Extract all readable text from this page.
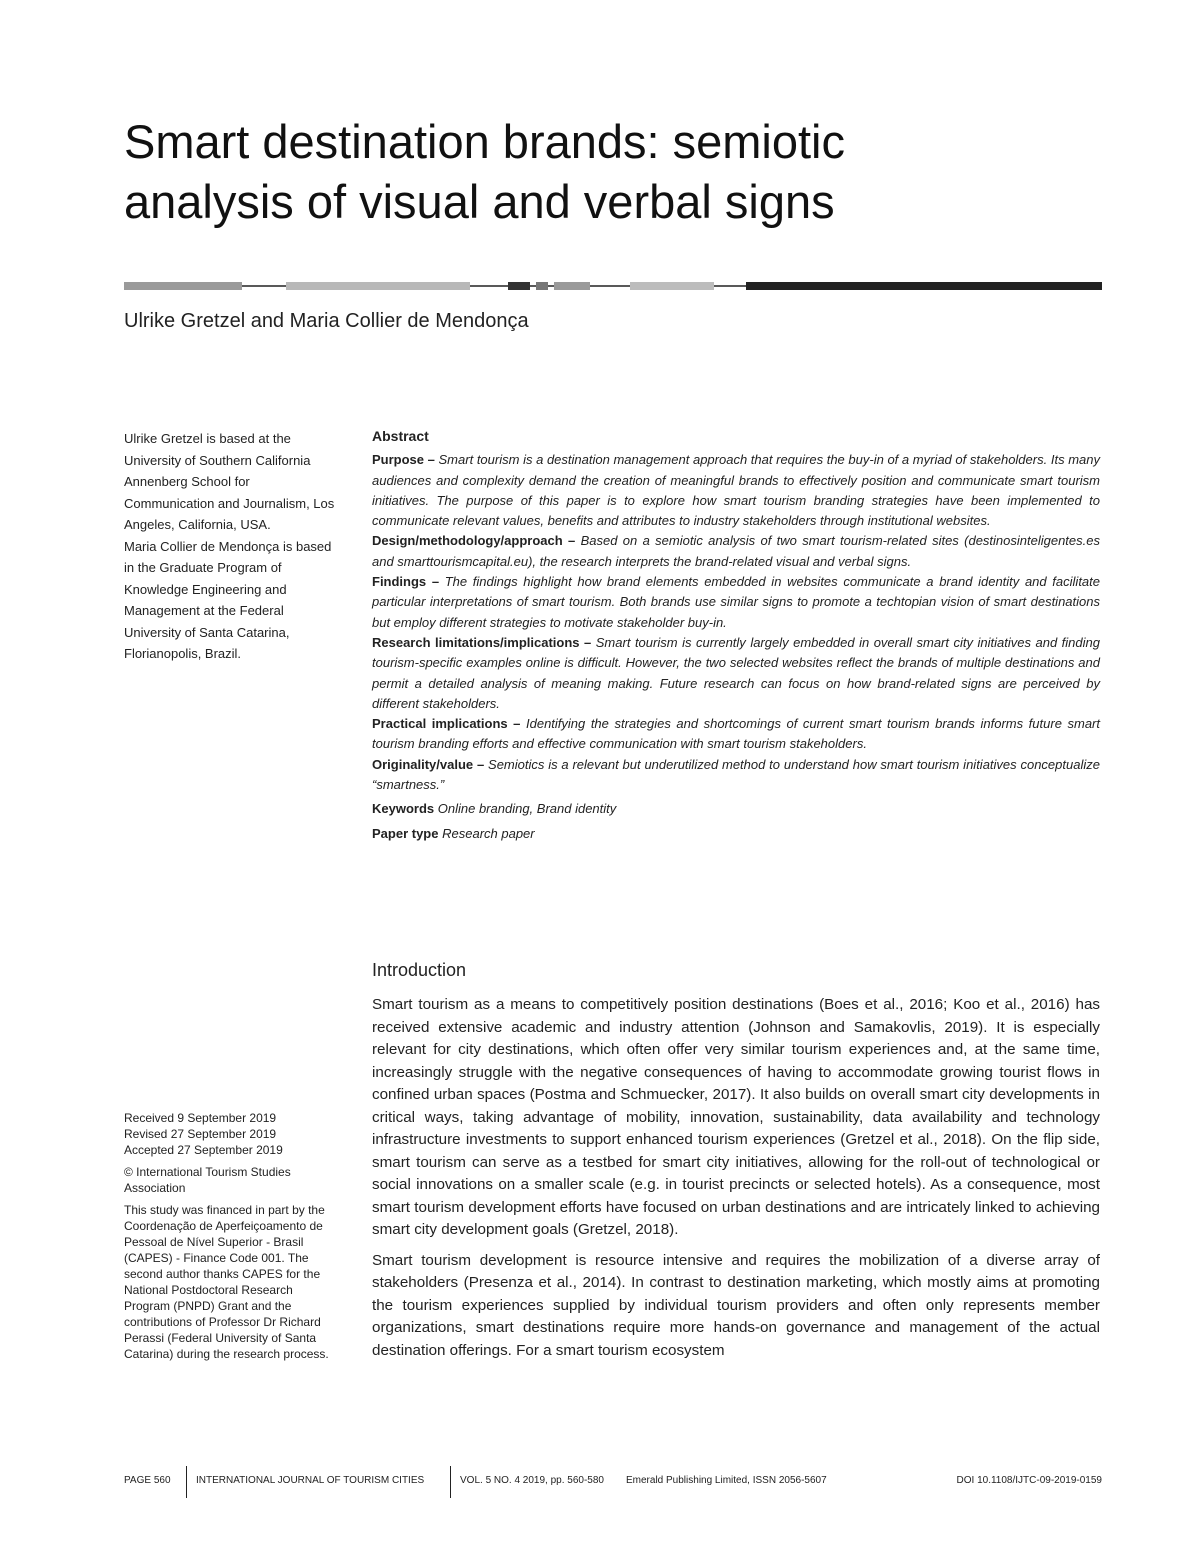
Smart destination brands: semiotic
analysis of visual and verbal signs
Ulrike Gretzel and Maria Collier de Mendonça

Ulrike Gretzel is based at the University of Southern California Annenberg School for Communication and Journalism, Los Angeles, California, USA.

Maria Collier de Mendonça is based in the Graduate Program of Knowledge Engineering and Management at the Federal University of Santa Catarina, Florianopolis, Brazil.

Received 9 September 2019

Revised 27 September 2019

Accepted 27 September 2019

© International Tourism Studies Association

This study was financed in part by the Coordenação de Aperfeiçoamento de Pessoal de Nível Superior - Brasil (CAPES) - Finance Code 001. The second author thanks CAPES for the National Postdoctoral Research Program (PNPD) Grant and the contributions of Professor Dr Richard Perassi (Federal University of Santa Catarina) during the research process.

Abstract

Purpose – Smart tourism is a destination management approach that requires the buy-in of a myriad of stakeholders. Its many audiences and complexity demand the creation of meaningful brands to effectively position and communicate smart tourism initiatives. The purpose of this paper is to explore how smart tourism branding strategies have been implemented to communicate relevant values, benefits and attributes to industry stakeholders through institutional websites.

Design/methodology/approach – Based on a semiotic analysis of two smart tourism-related sites (destinosinteligentes.es and smarttourismcapital.eu), the research interprets the brand-related visual and verbal signs.

Findings – The findings highlight how brand elements embedded in websites communicate a brand identity and facilitate particular interpretations of smart tourism. Both brands use similar signs to promote a techtopian vision of smart destinations but employ different strategies to motivate stakeholder buy-in.

Research limitations/implications – Smart tourism is currently largely embedded in overall smart city initiatives and finding tourism-specific examples online is difficult. However, the two selected websites reflect the brands of multiple destinations and permit a detailed analysis of meaning making. Future research can focus on how brand-related signs are perceived by different stakeholders.

Practical implications – Identifying the strategies and shortcomings of current smart tourism brands informs future smart tourism branding efforts and effective communication with smart tourism stakeholders.

Originality/value – Semiotics is a relevant but underutilized method to understand how smart tourism initiatives conceptualize “smartness.”

Keywords Online branding, Brand identity

Paper type Research paper

Introduction

Smart tourism as a means to competitively position destinations (Boes et al., 2016; Koo et al., 2016) has received extensive academic and industry attention (Johnson and Samakovlis, 2019). It is especially relevant for city destinations, which often offer very similar tourism experiences and, at the same time, increasingly struggle with the negative consequences of having to accommodate growing tourist flows in confined urban spaces (Postma and Schmuecker, 2017). It also builds on overall smart city developments in critical ways, taking advantage of mobility, innovation, sustainability, data availability and technology infrastructure investments to support enhanced tourism experiences (Gretzel et al., 2018). On the flip side, smart tourism can serve as a testbed for smart city initiatives, allowing for the roll-out of technological or social innovations on a smaller scale (e.g. in tourist precincts or selected hotels). As a consequence, most smart tourism development efforts have focused on urban destinations and are intricately linked to achieving smart city development goals (Gretzel, 2018).

Smart tourism development is resource intensive and requires the mobilization of a diverse array of stakeholders (Presenza et al., 2014). In contrast to destination marketing, which mostly aims at promoting the tourism experiences supplied by individual tourism providers and often only represents member organizations, smart destinations require more hands-on governance and management of the actual destination offerings. For a smart tourism ecosystem

PAGE 560	INTERNATIONAL JOURNAL OF TOURISM CITIES	VOL. 5 NO. 4 2019, pp. 560-580 Emerald Publishing Limited, ISSN 2056-5607	DOI 10.1108/IJTC-09-2019-0159
